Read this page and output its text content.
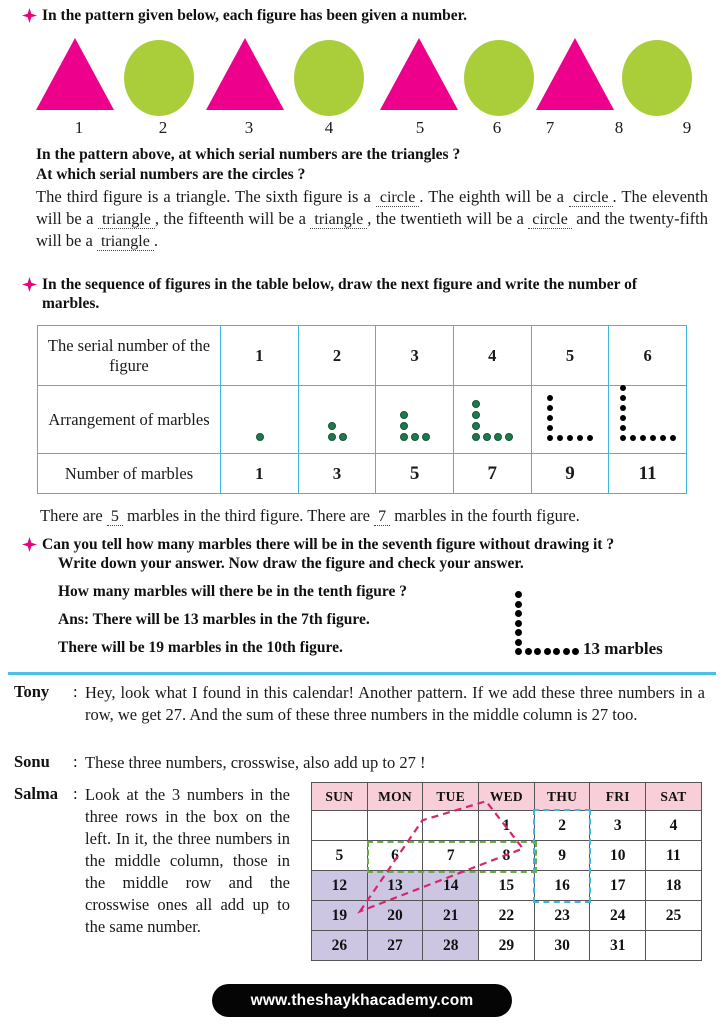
In the pattern given below, each figure has been given a number.
1	2	3	4	5	6	7	8	9
In the pattern above, at which serial numbers are the triangles ?
At which serial numbers are the circles ?
The third figure is a triangle. The sixth figure is a circle . The eighth will be a circle . The eleventh will be a triangle , the fifteenth will be a triangle , the twentieth will be a circle and the twenty-fifth will be a triangle .
In the sequence of figures in the table below, draw the next figure and write the number of marbles.
The serial number of the figure	1	2	3	4	5	6
Arrangement of marbles	

Number of marbles	1	3	5	7	9	11
There are 5 marbles in the third figure. There are 7 marbles in the fourth figure.
Can you tell how many marbles there will be in the seventh figure without drawing it ?
Write down your answer. Now draw the figure and check your answer.
How many marbles will there be in the tenth figure ?
Ans: There will be 13 marbles in the 7th figure.
There will be 19 marbles in the 10th figure.	13 marbles
Tony : Hey, look what I found in this calendar! Another pattern. If we add these three numbers in a row, we get 27. And the sum of these three numbers in the middle column is 27 too.
Sonu : These three numbers, crosswise, also add up to 27 !
Salma : Look at the 3 numbers in the three rows in the box on the left. In it, the three numbers in the middle column, those in the middle row and the crosswise ones all add up to the same number.
SUN	MON	TUE	WED	THU	FRI	SAT
			1	2	3	4
5	6	7	8	9	10	11
12	13	14	15	16	17	18
19	20	21	22	23	24	25
26	27	28	29	30	31	
www.theshaykhacademy.com
